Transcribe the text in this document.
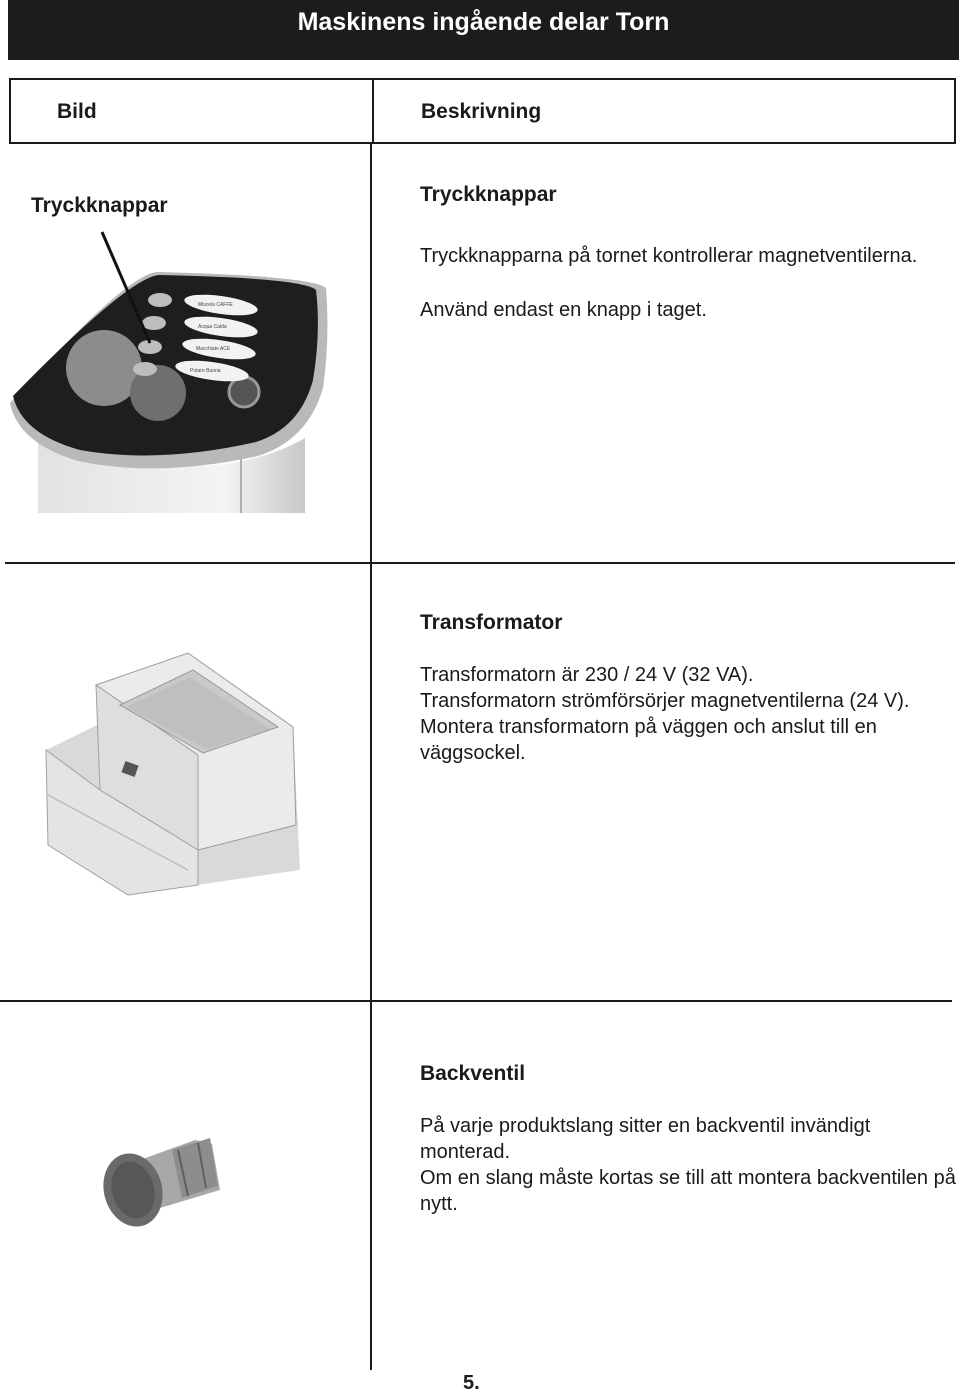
Maskinens ingående delar Torn
Bild	Beskrivning
Tryckknappar
Miscela CAFFE
Acqua Calda
Macchiato ACE
Potare Buona
Tryckknappar

Tryckknapparna på tornet kontrollerar magnetventilerna.

Använd endast en knapp i taget.

Transformator

Transformatorn är 230 / 24 V (32 VA).

Transformatorn strömförsörjer magnetventilerna (24 V).

Montera transformatorn på väggen och anslut till en väggsockel.

Backventil

På varje produktslang sitter en backventil invändigt monterad.

Om en slang måste kortas se till att montera backventilen på nytt.

5.
